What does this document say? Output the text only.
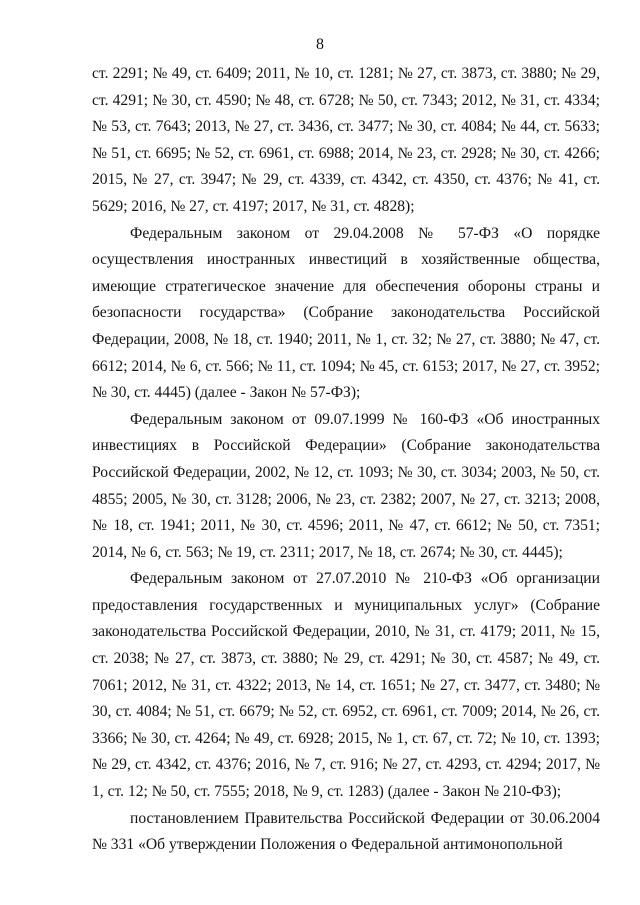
8

ст. 2291; № 49, ст. 6409; 2011, № 10, ст. 1281; № 27, ст. 3873, ст. 3880; № 29, ст. 4291; № 30, ст. 4590; № 48, ст. 6728; № 50, ст. 7343; 2012, № 31, ст. 4334; № 53, ст. 7643; 2013, № 27, ст. 3436, ст. 3477; № 30, ст. 4084; № 44, ст. 5633; № 51, ст. 6695; № 52, ст. 6961, ст. 6988; 2014, № 23, ст. 2928; № 30, ст. 4266; 2015, № 27, ст. 3947; № 29, ст. 4339, ст. 4342, ст. 4350, ст. 4376; № 41, ст. 5629; 2016, № 27, ст. 4197; 2017, № 31, ст. 4828);

Федеральным законом от 29.04.2008 № 57-ФЗ «О порядке осуществления иностранных инвестиций в хозяйственные общества, имеющие стратегическое значение для обеспечения обороны страны и безопасности государства» (Собрание законодательства Российской Федерации, 2008, № 18, ст. 1940; 2011, № 1, ст. 32; № 27, ст. 3880; № 47, ст. 6612; 2014, № 6, ст. 566; № 11, ст. 1094; № 45, ст. 6153; 2017, № 27, ст. 3952; № 30, ст. 4445) (далее - Закон № 57-ФЗ);

Федеральным законом от 09.07.1999 № 160-ФЗ «Об иностранных инвестициях в Российской Федерации» (Собрание законодательства Российской Федерации, 2002, № 12, ст. 1093; № 30, ст. 3034; 2003, № 50, ст. 4855; 2005, № 30, ст. 3128; 2006, № 23, ст. 2382; 2007, № 27, ст. 3213; 2008, № 18, ст. 1941; 2011, № 30, ст. 4596; 2011, № 47, ст. 6612; № 50, ст. 7351; 2014, № 6, ст. 563; № 19, ст. 2311; 2017, № 18, ст. 2674; № 30, ст. 4445);

Федеральным законом от 27.07.2010 № 210-ФЗ «Об организации предоставления государственных и муниципальных услуг» (Собрание законодательства Российской Федерации, 2010, № 31, ст. 4179; 2011, № 15, ст. 2038; № 27, ст. 3873, ст. 3880; № 29, ст. 4291; № 30, ст. 4587; № 49, ст. 7061; 2012, № 31, ст. 4322; 2013, № 14, ст. 1651; № 27, ст. 3477, ст. 3480; № 30, ст. 4084; № 51, ст. 6679; № 52, ст. 6952, ст. 6961, ст. 7009; 2014, № 26, ст. 3366; № 30, ст. 4264; № 49, ст. 6928; 2015, № 1, ст. 67, ст. 72; № 10, ст. 1393; № 29, ст. 4342, ст. 4376; 2016, № 7, ст. 916; № 27, ст. 4293, ст. 4294; 2017, № 1, ст. 12; № 50, ст. 7555; 2018, № 9, ст. 1283) (далее - Закон № 210-ФЗ);

постановлением Правительства Российской Федерации от 30.06.2004 № 331 «Об утверждении Положения о Федеральной антимонопольной
